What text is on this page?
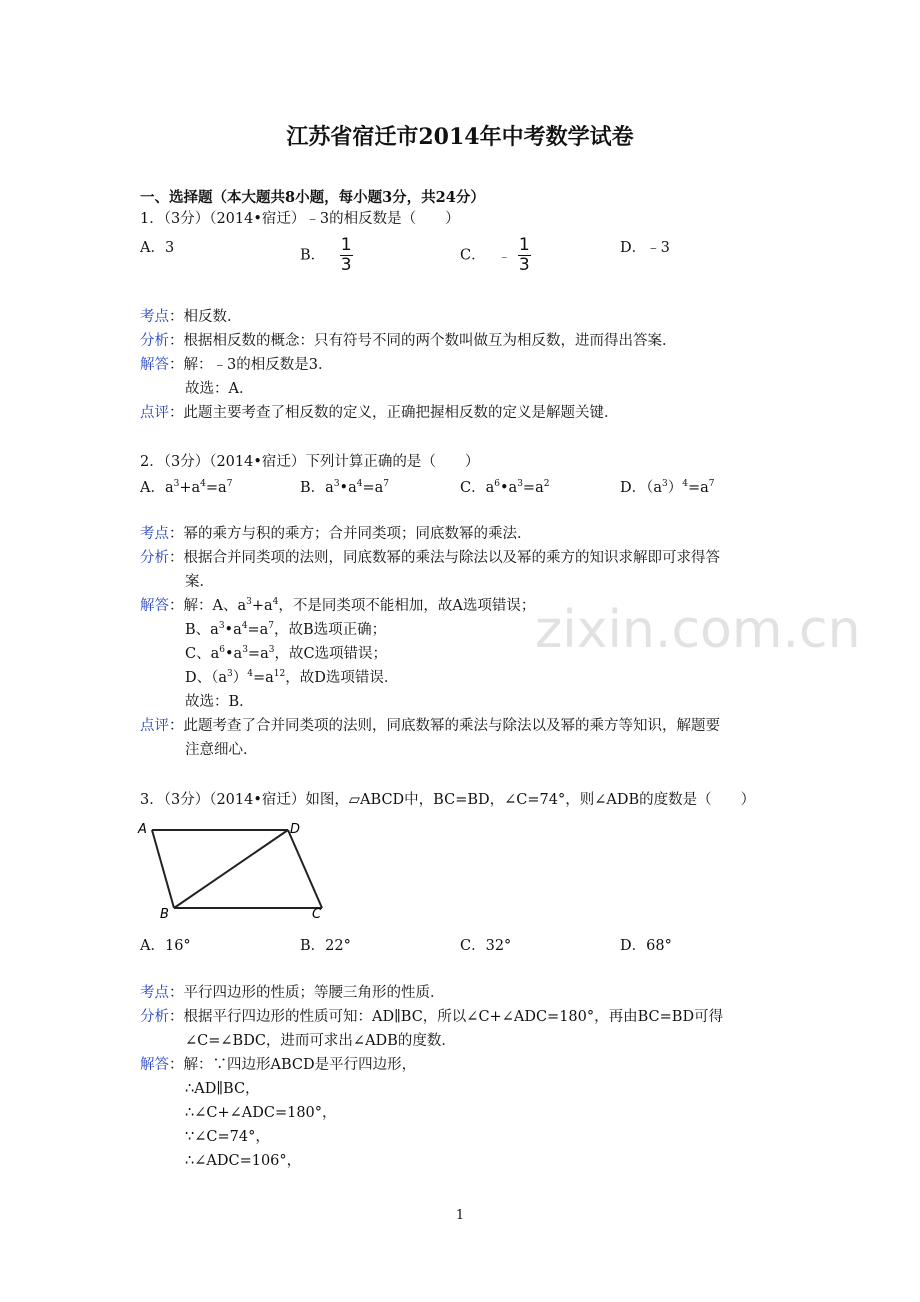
江苏省宿迁市2014年中考数学试卷
一、选择题（本大题共8小题，每小题3分，共24分）
1．（3分）（2014•宿迁）﹣3的相反数是（　　）
A．3	B． $\frac{1}{3}$	C． ﹣ $\frac{1}{3}$	D．﹣3
考点：相反数．
分析：根据相反数的概念：只有符号不同的两个数叫做互为相反数，进而得出答案．
解答：解：﹣3的相反数是3．
故选：A．
点评：此题主要考查了相反数的定义，正确把握相反数的定义是解题关键．
2．（3分）（2014•宿迁）下列计算正确的是（　　）
A．$a^3+a^4=a^7$	B．$a^3•a^4=a^7$	C．$a^6•a^3=a^2$	D．$(a^3)^4=a^7$
考点：幂的乘方与积的乘方；合并同类项；同底数幂的乘法．
分析：根据合并同类项的法则，同底数幂的乘法与除法以及幂的乘方的知识求解即可求得答
案．
解答：解：A、$a^3+a^4$，不是同类项不能相加，故A选项错误；
B、$a^3•a^4=a^7$，故B选项正确；
C、$a^6•a^3=a^3$，故C选项错误；
D、$(a^3)^4=a^{12}$，故D选项错误．
故选：B．
点评：此题考查了合并同类项的法则，同底数幂的乘法与除法以及幂的乘方等知识，解题要
注意细心．
zixin.com.cn
3．（3分）（2014•宿迁）如图，▱ABCD中，BC=BD，∠C=74°，则∠ADB的度数是（　　）
A	D
B	C
A．16°	B．22°	C．32°	D．68°
考点：平行四边形的性质；等腰三角形的性质．
分析：根据平行四边形的性质可知：AD∥BC，所以∠C+∠ADC=180°，再由BC=BD可得
∠C=∠BDC，进而可求出∠ADB的度数．
解答：解：∵四边形ABCD是平行四边形，
∴AD∥BC，
∴∠C+∠ADC=180°，
∵∠C=74°，
∴∠ADC=106°，
1
